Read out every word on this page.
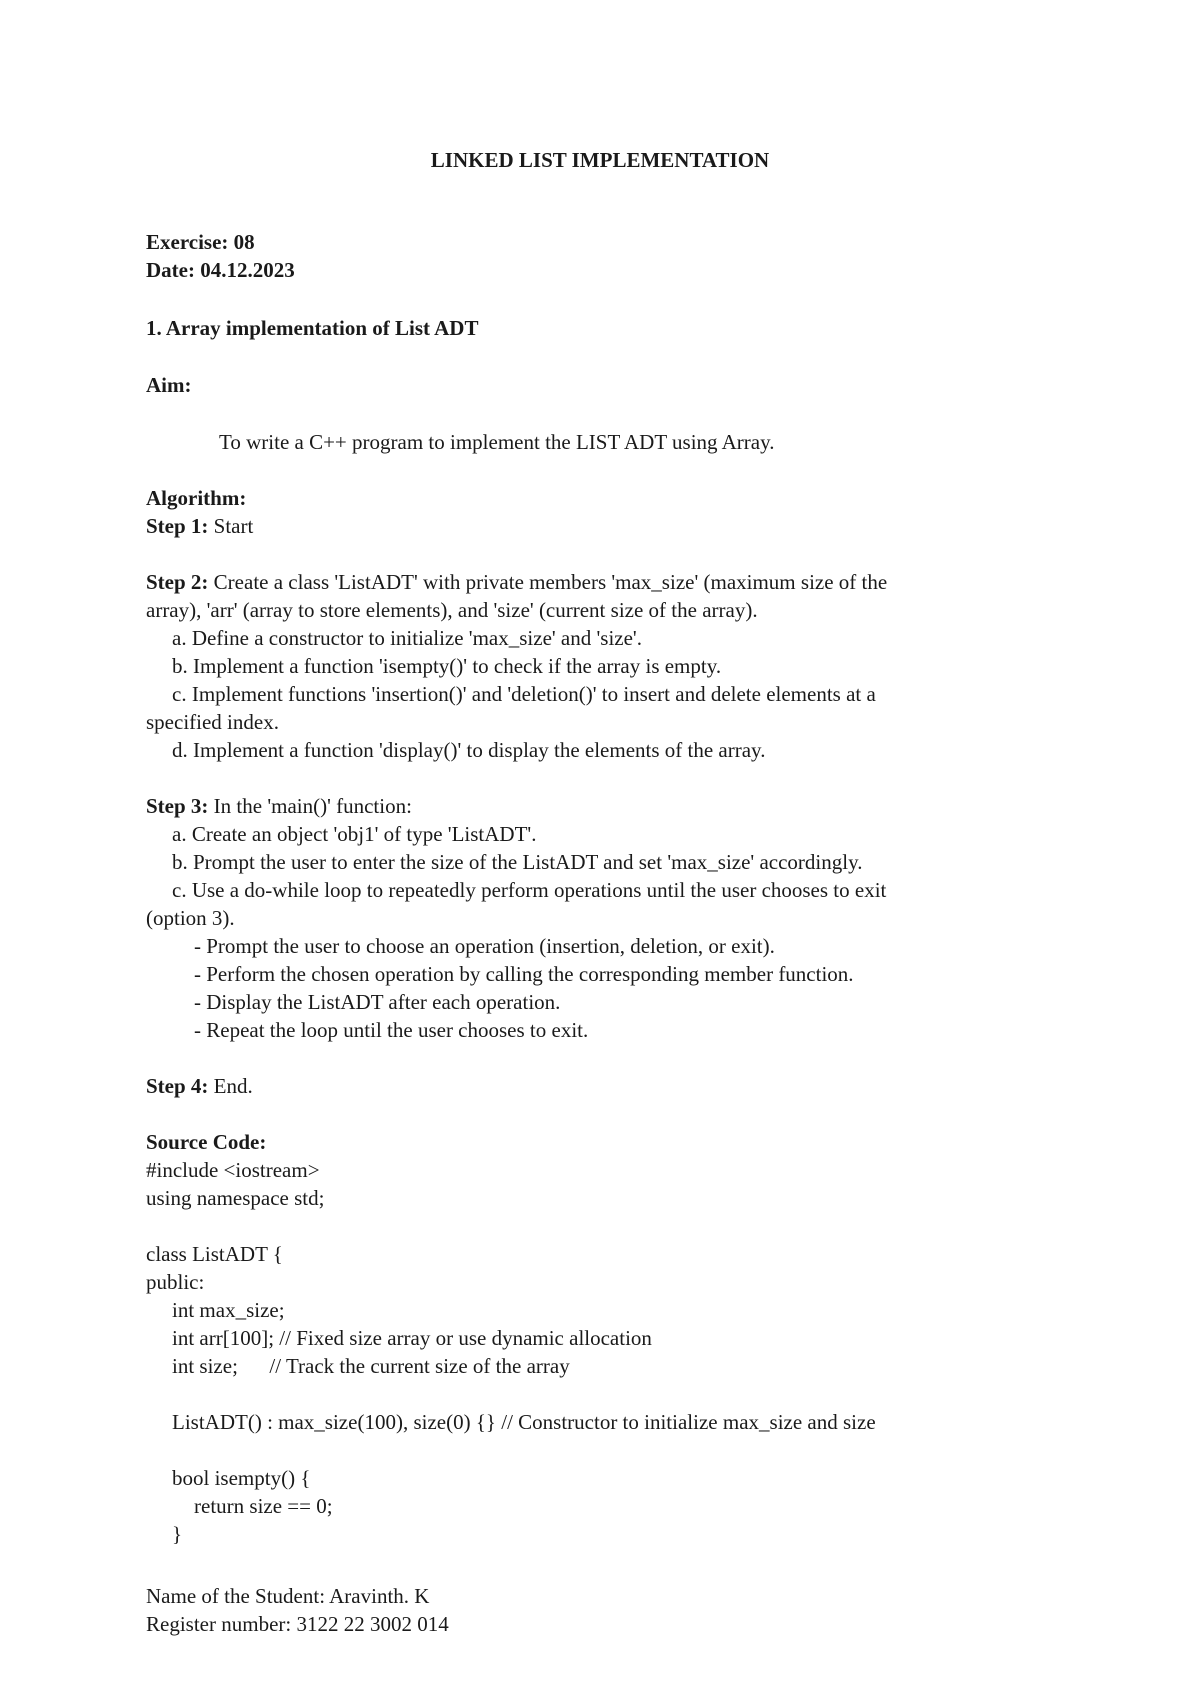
LINKED LIST IMPLEMENTATION
Exercise: 08
Date: 04.12.2023
1. Array implementation of List ADT
Aim:
To write a C++ program to implement the LIST ADT using Array.
Algorithm:
Step 1: Start
Step 2: Create a class 'ListADT' with private members 'max_size' (maximum size of the
array), 'arr' (array to store elements), and 'size' (current size of the array).
a. Define a constructor to initialize 'max_size' and 'size'.
b. Implement a function 'isempty()' to check if the array is empty.
c. Implement functions 'insertion()' and 'deletion()' to insert and delete elements at a
specified index.
d. Implement a function 'display()' to display the elements of the array.
Step 3: In the 'main()' function:
a. Create an object 'obj1' of type 'ListADT'.
b. Prompt the user to enter the size of the ListADT and set 'max_size' accordingly.
c. Use a do-while loop to repeatedly perform operations until the user chooses to exit
(option 3).
- Prompt the user to choose an operation (insertion, deletion, or exit).
- Perform the chosen operation by calling the corresponding member function.
- Display the ListADT after each operation.
- Repeat the loop until the user chooses to exit.
Step 4: End.
Source Code:
#include <iostream>
using namespace std;
class ListADT {
public:
int max_size;
int arr[100]; // Fixed size array or use dynamic allocation
int size;      // Track the current size of the array
ListADT() : max_size(100), size(0) {} // Constructor to initialize max_size and size
bool isempty() {
return size == 0;
}
Name of the Student: Aravinth. K
Register number: 3122 22 3002 014
